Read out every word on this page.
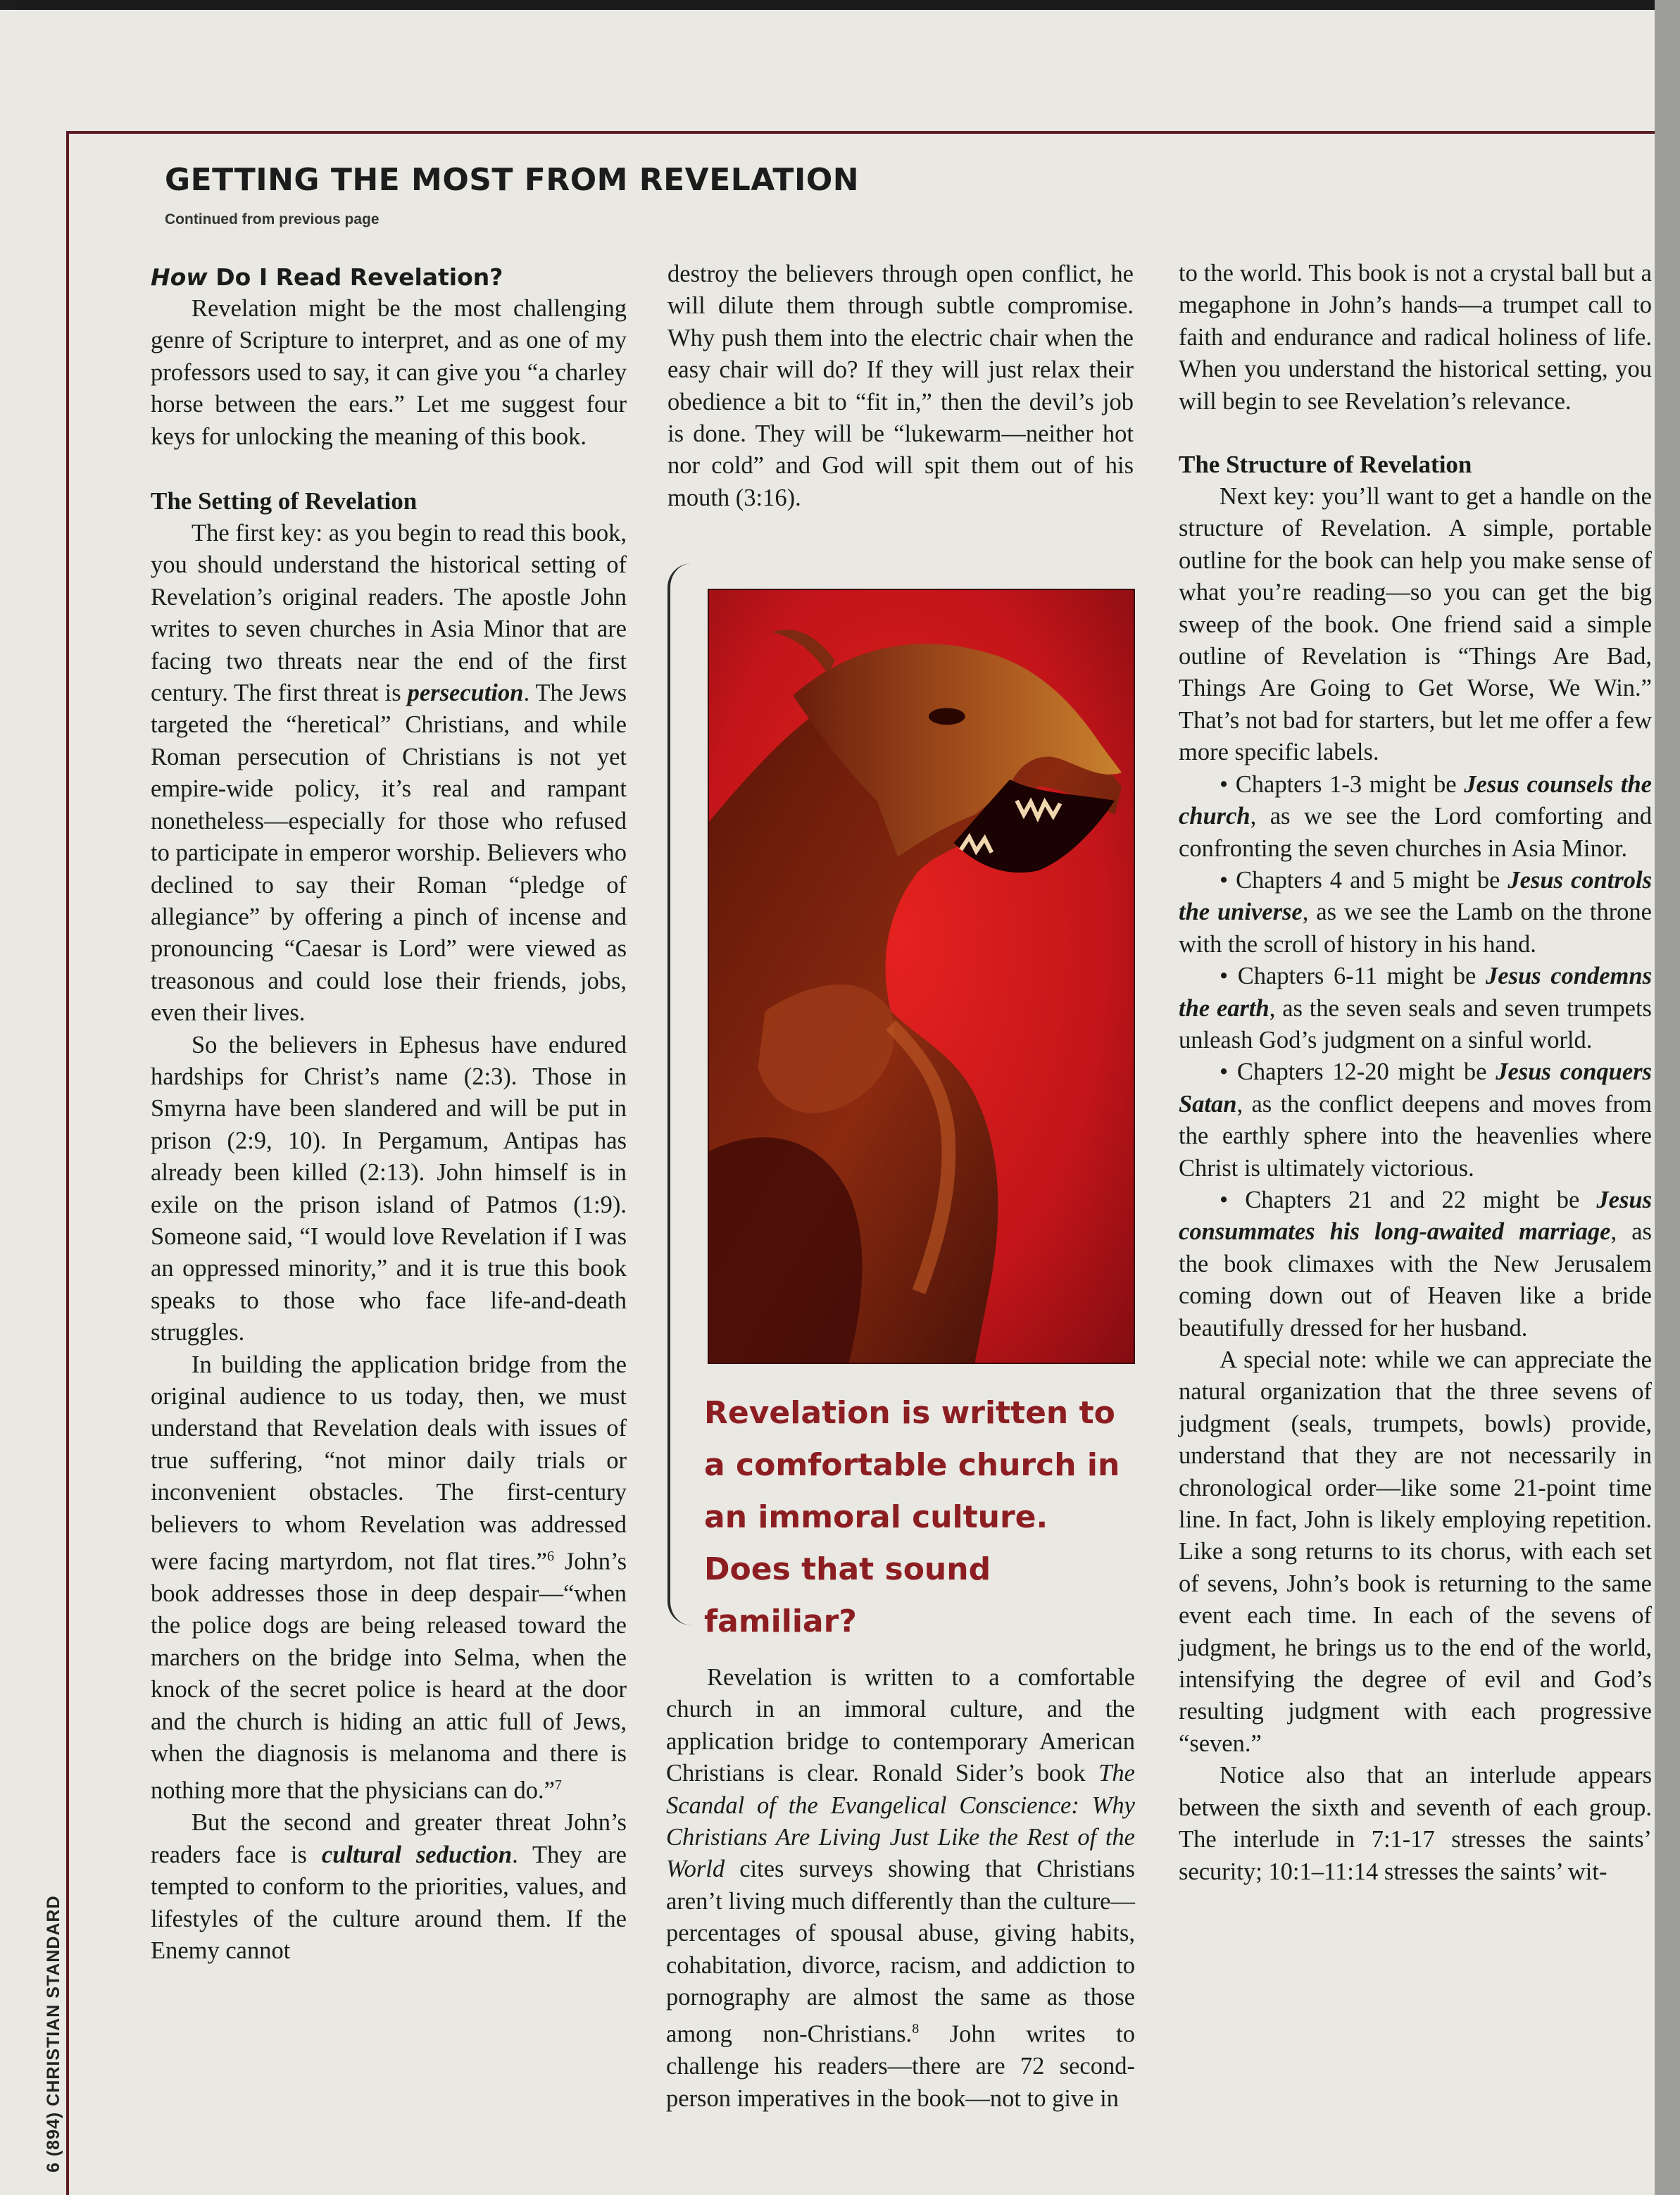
GETTING THE MOST FROM REVELATION
Continued from previous page
6 (894) CHRISTIAN STANDARD
How Do I Read Revelation?

Revelation might be the most challenging genre of Scripture to interpret, and as one of my professors used to say, it can give you “a charley horse between the ears.” Let me suggest four keys for unlocking the meaning of this book.

The Setting of Revelation

The first key: as you begin to read this book, you should understand the historical setting of Revelation’s original readers. The apostle John writes to seven churches in Asia Minor that are facing two threats near the end of the first century. The first threat is persecution. The Jews targeted the “heretical” Christians, and while Roman persecution of Christians is not yet empire-wide policy, it’s real and rampant nonetheless—especially for those who refused to participate in emperor worship. Believers who declined to say their Roman “pledge of allegiance” by offering a pinch of incense and pronouncing “Caesar is Lord” were viewed as treasonous and could lose their friends, jobs, even their lives.

So the believers in Ephesus have endured hardships for Christ’s name (2:3). Those in Smyrna have been slandered and will be put in prison (2:9, 10). In Pergamum, Antipas has already been killed (2:13). John himself is in exile on the prison island of Patmos (1:9). Someone said, “I would love Revelation if I was an oppressed minority,” and it is true this book speaks to those who face life-and-death struggles.

In building the application bridge from the original audience to us today, then, we must understand that Revelation deals with issues of true suffering, “not minor daily trials or inconvenient obstacles. The first-century believers to whom Revelation was addressed were facing martyrdom, not flat tires.”$^6$ John’s book addresses those in deep despair—“when the police dogs are being released toward the marchers on the bridge into Selma, when the knock of the secret police is heard at the door and the church is hiding an attic full of Jews, when the diagnosis is melanoma and there is nothing more that the physicians can do.”$^7$

But the second and greater threat John’s readers face is cultural seduction. They are tempted to conform to the priorities, values, and lifestyles of the culture around them. If the Enemy cannot

destroy the believers through open conflict, he will dilute them through subtle compromise. Why push them into the electric chair when the easy chair will do? If they will just relax their obedience a bit to “fit in,” then the devil’s job is done. They will be “lukewarm—neither hot nor cold” and God will spit them out of his mouth (3:16).

Revelation is written to a comfortable church in an immoral culture. Does that sound familiar?

Revelation is written to a comfortable church in an immoral culture, and the application bridge to contemporary American Christians is clear. Ronald Sider’s book The Scandal of the Evangelical Conscience: Why Christians Are Living Just Like the Rest of the World cites surveys showing that Christians aren’t living much differently than the culture—percentages of spousal abuse, giving habits, cohabitation, divorce, racism, and addiction to pornography are almost the same as those among non-Christians.$^8$ John writes to challenge his readers—there are 72 second-person imperatives in the book—not to give in

to the world. This book is not a crystal ball but a megaphone in John’s hands—a trumpet call to faith and endurance and radical holiness of life. When you understand the historical setting, you will begin to see Revelation’s relevance.

The Structure of Revelation

Next key: you’ll want to get a handle on the structure of Revelation. A simple, portable outline for the book can help you make sense of what you’re reading—so you can get the big sweep of the book. One friend said a simple outline of Revelation is “Things Are Bad, Things Are Going to Get Worse, We Win.” That’s not bad for starters, but let me offer a few more specific labels.

• Chapters 1-3 might be Jesus counsels the church, as we see the Lord comforting and confronting the seven churches in Asia Minor.

• Chapters 4 and 5 might be Jesus controls the universe, as we see the Lamb on the throne with the scroll of history in his hand.

• Chapters 6-11 might be Jesus condemns the earth, as the seven seals and seven trumpets unleash God’s judgment on a sinful world.

• Chapters 12-20 might be Jesus conquers Satan, as the conflict deepens and moves from the earthly sphere into the heavenlies where Christ is ultimately victorious.

• Chapters 21 and 22 might be Jesus consummates his long-awaited marriage, as the book climaxes with the New Jerusalem coming down out of Heaven like a bride beautifully dressed for her husband.

A special note: while we can appreciate the natural organization that the three sevens of judgment (seals, trumpets, bowls) provide, understand that they are not necessarily in chronological order—like some 21-point time line. In fact, John is likely employing repetition. Like a song returns to its chorus, with each set of sevens, John’s book is returning to the same event each time. In each of the sevens of judgment, he brings us to the end of the world, intensifying the degree of evil and God’s resulting judgment with each progressive “seven.”

Notice also that an interlude appears between the sixth and seventh of each group. The interlude in 7:1-17 stresses the saints’ security; 10:1–11:14 stresses the saints’ wit-
